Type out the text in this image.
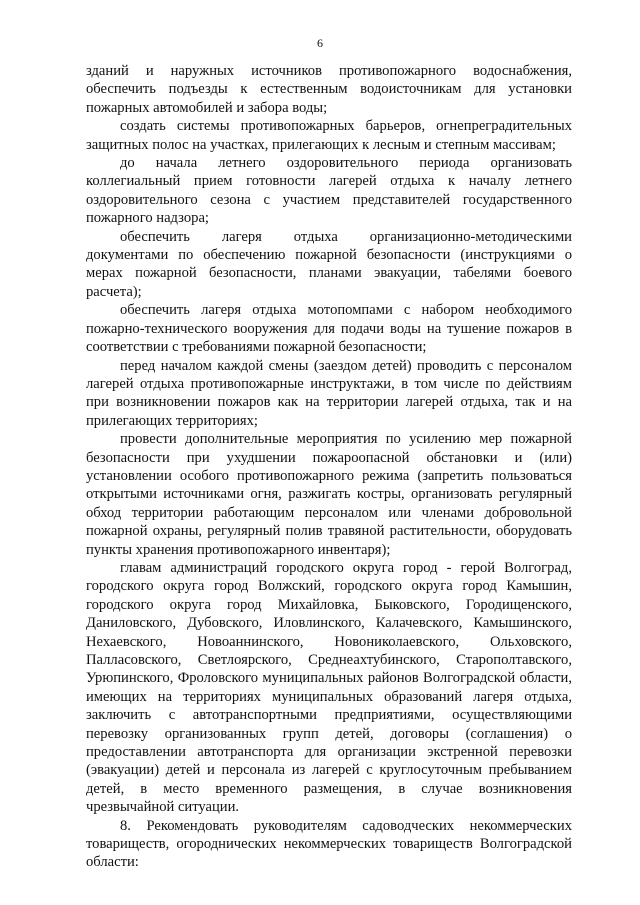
6

зданий и наружных источников противопожарного водоснабжения, обеспечить подъезды к естественным водоисточникам для установки пожарных автомобилей и забора воды;

создать системы противопожарных барьеров, огнепреградительных защитных полос на участках, прилегающих к лесным и степным массивам;

до начала летнего оздоровительного периода организовать коллегиальный прием готовности лагерей отдыха к началу летнего оздоровительного сезона с участием представителей государственного пожарного надзора;

обеспечить лагеря отдыха организационно-методическими документами по обеспечению пожарной безопасности (инструкциями о мерах пожарной безопасности, планами эвакуации, табелями боевого расчета);

обеспечить лагеря отдыха мотопомпами с набором необходимого пожарно-технического вооружения для подачи воды на тушение пожаров в соответствии с требованиями пожарной безопасности;

перед началом каждой смены (заездом детей) проводить с персоналом лагерей отдыха противопожарные инструктажи, в том числе по действиям при возникновении пожаров как на территории лагерей отдыха, так и на прилегающих территориях;

провести дополнительные мероприятия по усилению мер пожарной безопасности при ухудшении пожароопасной обстановки и (или) установлении особого противопожарного режима (запретить пользоваться открытыми источниками огня, разжигать костры, организовать регулярный обход территории работающим персоналом или членами добровольной пожарной охраны, регулярный полив травяной растительности, оборудовать пункты хранения противопожарного инвентаря);

главам администраций городского округа город - герой Волгоград, городского округа город Волжский, городского округа город Камышин, городского округа город Михайловка, Быковского, Городищенского, Даниловского, Дубовского, Иловлинского, Калачевского, Камышинского, Нехаевского, Новоаннинского, Новониколаевского, Ольховского, Палласовского, Светлоярского, Среднеахтубинского, Старополтавского, Урюпинского, Фроловского муниципальных районов Волгоградской области, имеющих на территориях муниципальных образований лагеря отдыха, заключить с автотранспортными предприятиями, осуществляющими перевозку организованных групп детей, договоры (соглашения) о предоставлении автотранспорта для организации экстренной перевозки (эвакуации) детей и персонала из лагерей с круглосуточным пребыванием детей, в место временного размещения, в случае возникновения чрезвычайной ситуации.

8. Рекомендовать руководителям садоводческих некоммерческих товариществ, огороднических некоммерческих товариществ Волгоградской области:
